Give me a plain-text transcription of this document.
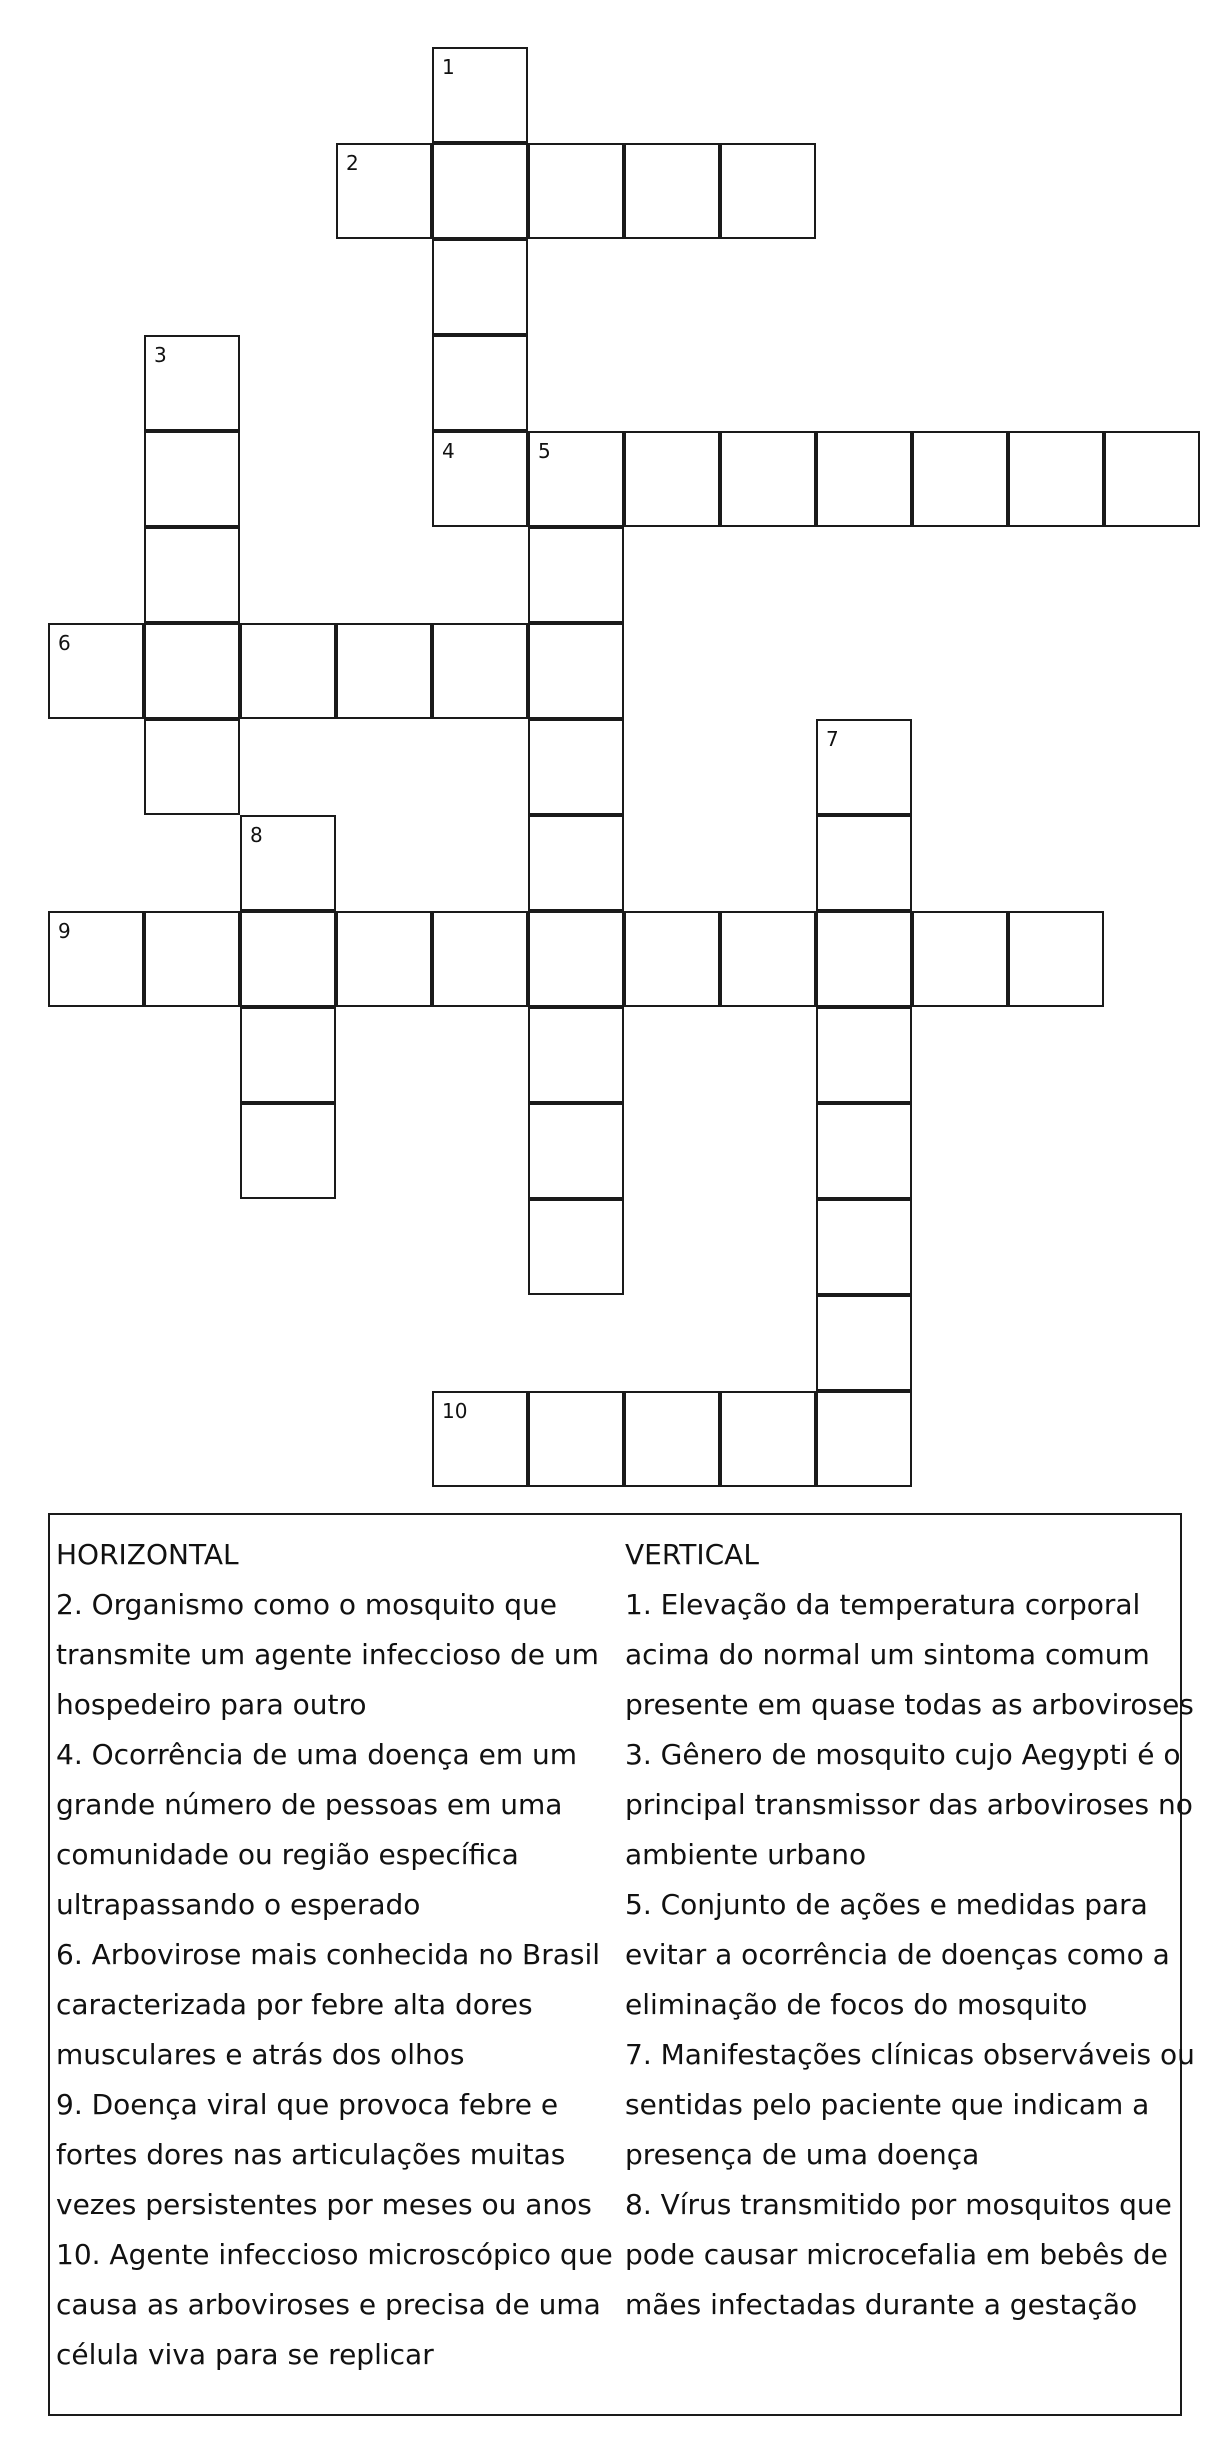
1
2
3
4	5
6
7
8
9
10
HORIZONTAL
2. Organismo como o mosquito que
transmite um agente infeccioso de um
hospedeiro para outro
4. Ocorrência de uma doença em um
grande número de pessoas em uma
comunidade ou região específica
ultrapassando o esperado
6. Arbovirose mais conhecida no Brasil
caracterizada por febre alta dores
musculares e atrás dos olhos
9. Doença viral que provoca febre e
fortes dores nas articulações muitas
vezes persistentes por meses ou anos
10. Agente infeccioso microscópico que
causa as arboviroses e precisa de uma
célula viva para se replicar
VERTICAL
1. Elevação da temperatura corporal
acima do normal um sintoma comum
presente em quase todas as arboviroses
3. Gênero de mosquito cujo Aegypti é o
principal transmissor das arboviroses no
ambiente urbano
5. Conjunto de ações e medidas para
evitar a ocorrência de doenças como a
eliminação de focos do mosquito
7. Manifestações clínicas observáveis ou
sentidas pelo paciente que indicam a
presença de uma doença
8. Vírus transmitido por mosquitos que
pode causar microcefalia em bebês de
mães infectadas durante a gestação
